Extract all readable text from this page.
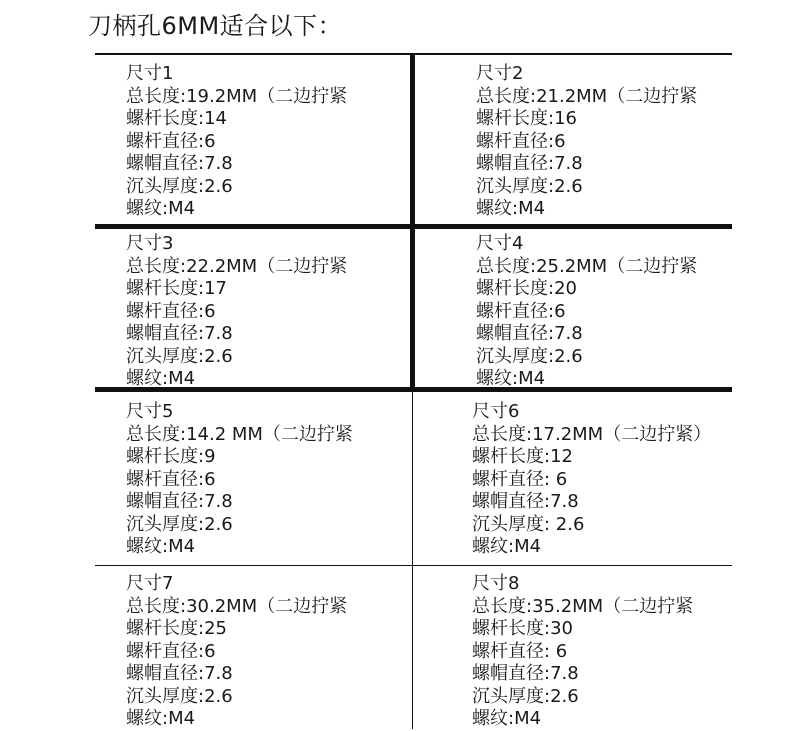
刀柄孔6MM适合以下：
尺寸1
总长度:19.2MM（二边拧紧
螺杆长度:14
螺杆直径:6
螺帽直径:7.8
沉头厚度:2.6
螺纹:M4
尺寸2
总长度:21.2MM（二边拧紧
螺杆长度:16
螺杆直径:6
螺帽直径:7.8
沉头厚度:2.6
螺纹:M4
尺寸3
总长度:22.2MM（二边拧紧
螺杆长度:17
螺杆直径:6
螺帽直径:7.8
沉头厚度:2.6
螺纹:M4
尺寸4
总长度:25.2MM（二边拧紧
螺杆长度:20
螺杆直径:6
螺帽直径:7.8
沉头厚度:2.6
螺纹:M4
尺寸5
总长度:14.2 MM（二边拧紧
螺杆长度:9
螺杆直径:6
螺帽直径:7.8
沉头厚度:2.6
螺纹:M4
尺寸6
总长度:17.2MM（二边拧紧）
螺杆长度:12
螺杆直径: 6
螺帽直径:7.8
沉头厚度: 2.6
螺纹:M4
尺寸7
总长度:30.2MM（二边拧紧
螺杆长度:25
螺杆直径:6
螺帽直径:7.8
沉头厚度:2.6
螺纹:M4
尺寸8
总长度:35.2MM（二边拧紧
螺杆长度:30
螺杆直径: 6
螺帽直径:7.8
沉头厚度:2.6
螺纹:M4
